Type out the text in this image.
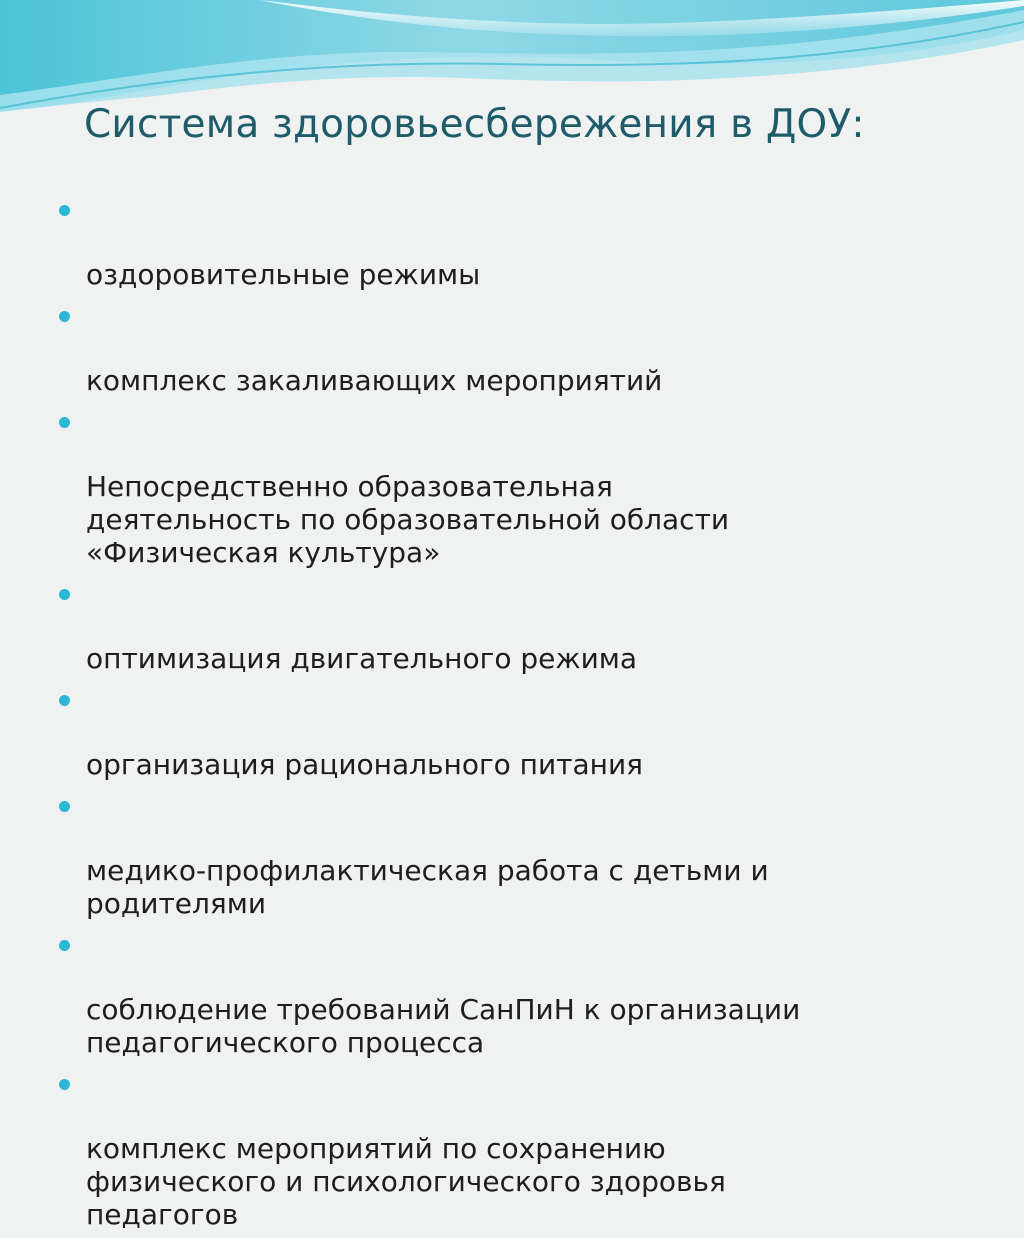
Система здоровьесбережения в ДОУ:

оздоровительные режимы

комплекс закаливающих мероприятий

Непосредственно образовательная
деятельность по образовательной области
«Физическая культура»

оптимизация двигательного режима

организация рационального питания

медико-профилактическая работа с детьми и
родителями

соблюдение требований СанПиН к организации
педагогического процесса

комплекс мероприятий по сохранению
физического и психологического здоровья
педагогов
